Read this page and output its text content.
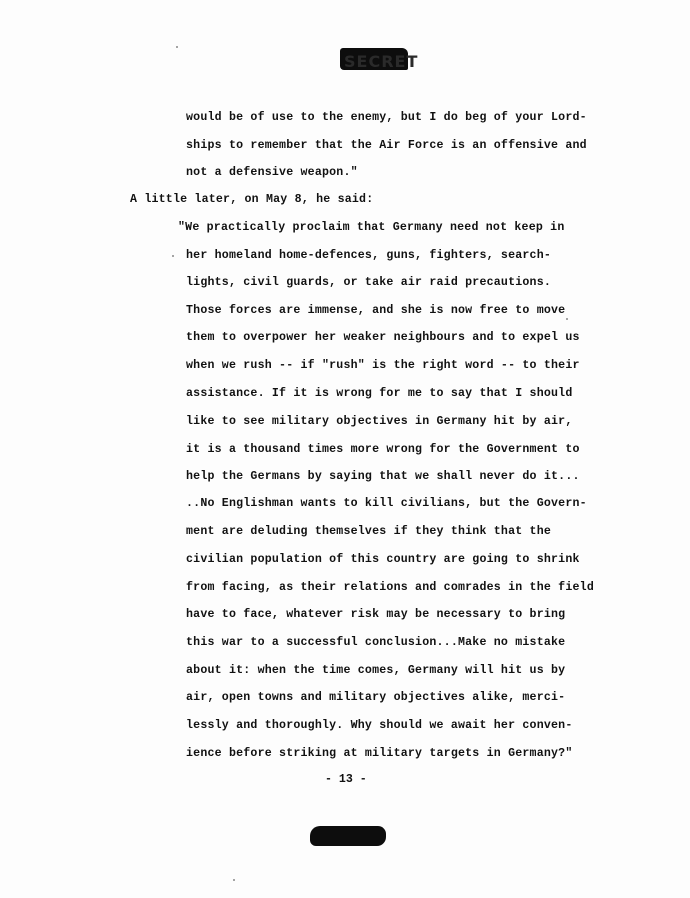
SECRET
would be of use to the enemy, but I do beg of your Lord-
ships to remember that the Air Force is an offensive and
not a defensive weapon."
A little later, on May 8, he said:
"We practically proclaim that Germany need not keep in
her homeland home-defences, guns, fighters, search-
lights, civil guards, or take air raid precautions.
Those forces are immense, and she is now free to move
them to overpower her weaker neighbours and to expel us
when we rush -- if "rush" is the right word -- to their
assistance. If it is wrong for me to say that I should
like to see military objectives in Germany hit by air,
it is a thousand times more wrong for the Government to
help the Germans by saying that we shall never do it...
..No Englishman wants to kill civilians, but the Govern-
ment are deluding themselves if they think that the
civilian population of this country are going to shrink
from facing, as their relations and comrades in the field
have to face, whatever risk may be necessary to bring
this war to a successful conclusion...Make no mistake
about it: when the time comes, Germany will hit us by
air, open towns and military objectives alike, merci-
lessly and thoroughly. Why should we await her conven-
ience before striking at military targets in Germany?"
- 13 -
